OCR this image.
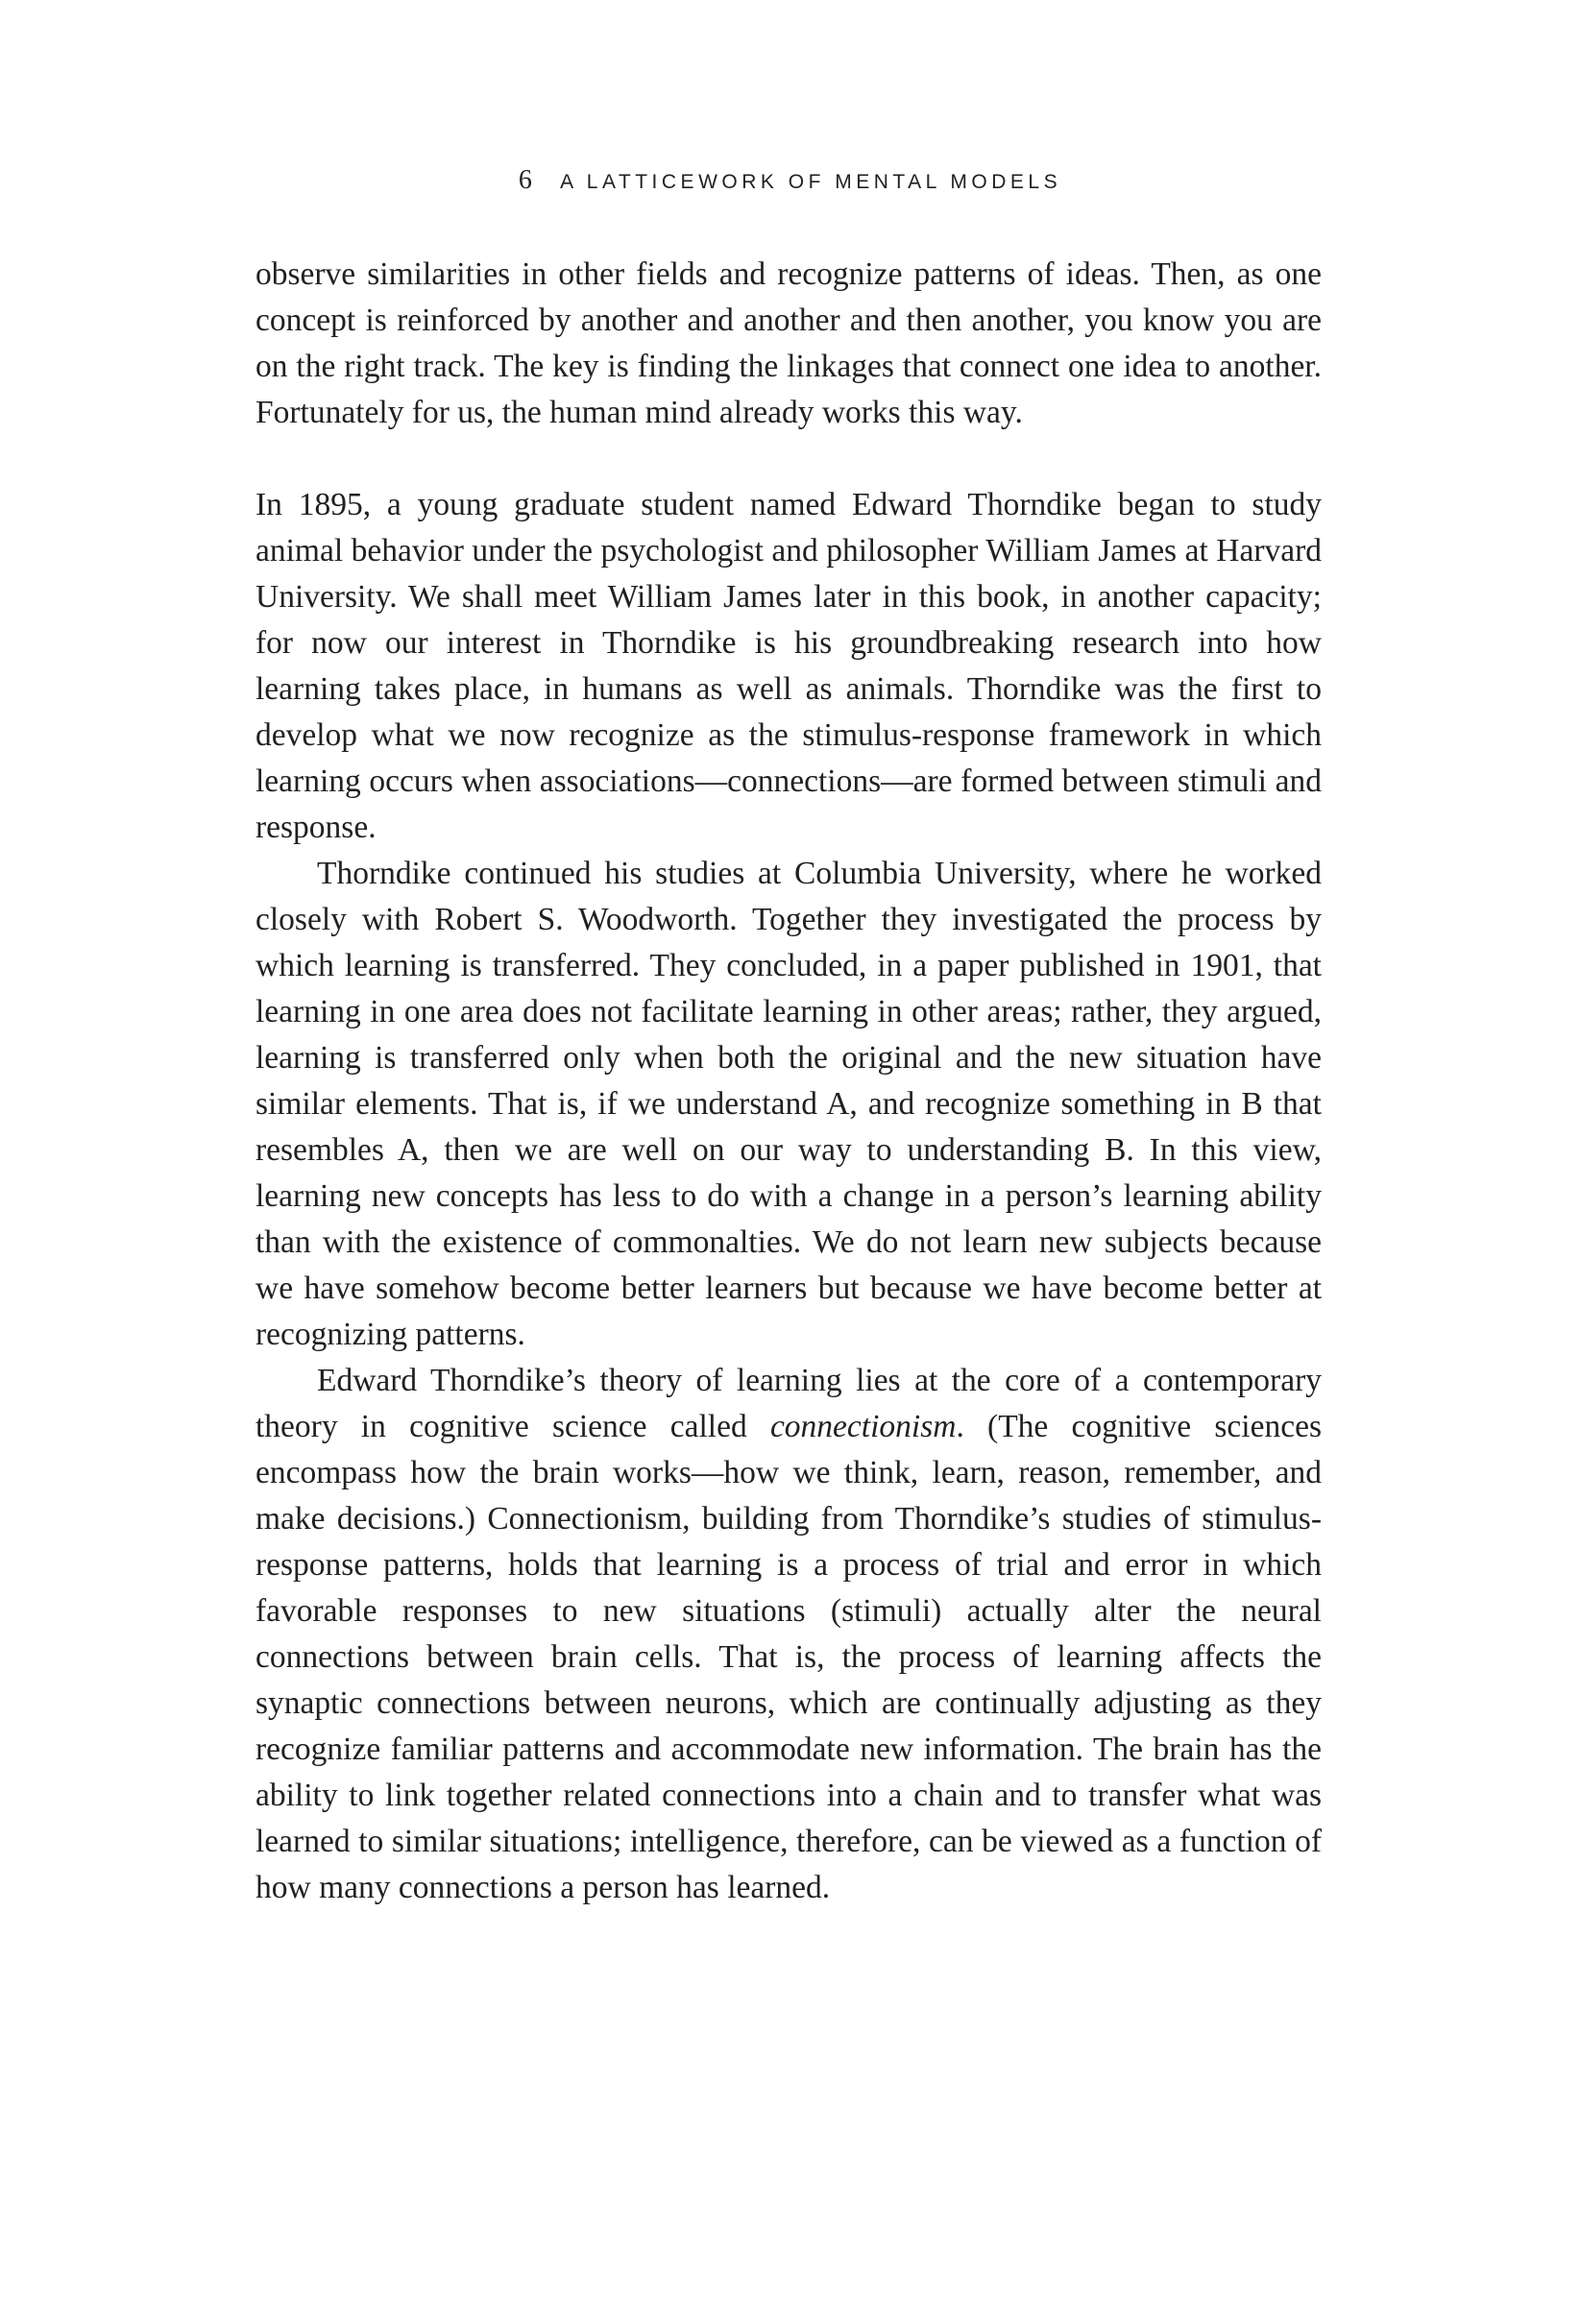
6 A LATTICEWORK OF MENTAL MODELS

observe similarities in other fields and recognize patterns of ideas. Then, as one concept is reinforced by another and another and then another, you know you are on the right track. The key is finding the linkages that connect one idea to another. Fortunately for us, the human mind already works this way.

In 1895, a young graduate student named Edward Thorndike began to study animal behavior under the psychologist and philosopher William James at Harvard University. We shall meet William James later in this book, in another capacity; for now our interest in Thorndike is his groundbreaking research into how learning takes place, in humans as well as animals. Thorndike was the first to develop what we now recognize as the stimulus-response framework in which learning occurs when associations—connections—are formed between stimuli and response.

Thorndike continued his studies at Columbia University, where he worked closely with Robert S. Woodworth. Together they investigated the process by which learning is transferred. They concluded, in a paper published in 1901, that learning in one area does not facilitate learning in other areas; rather, they argued, learning is transferred only when both the original and the new situation have similar elements. That is, if we understand A, and recognize something in B that resembles A, then we are well on our way to understanding B. In this view, learning new concepts has less to do with a change in a person’s learning ability than with the existence of commonalties. We do not learn new subjects because we have somehow become better learners but because we have become better at recognizing patterns.

Edward Thorndike’s theory of learning lies at the core of a contemporary theory in cognitive science called connectionism. (The cognitive sciences encompass how the brain works—how we think, learn, reason, remember, and make decisions.) Connectionism, building from Thorndike’s studies of stimulus-response patterns, holds that learning is a process of trial and error in which favorable responses to new situations (stimuli) actually alter the neural connections between brain cells. That is, the process of learning affects the synaptic connections between neurons, which are continually adjusting as they recognize familiar patterns and accommodate new information. The brain has the ability to link together related connections into a chain and to transfer what was learned to similar situations; intelligence, therefore, can be viewed as a function of how many connections a person has learned.
